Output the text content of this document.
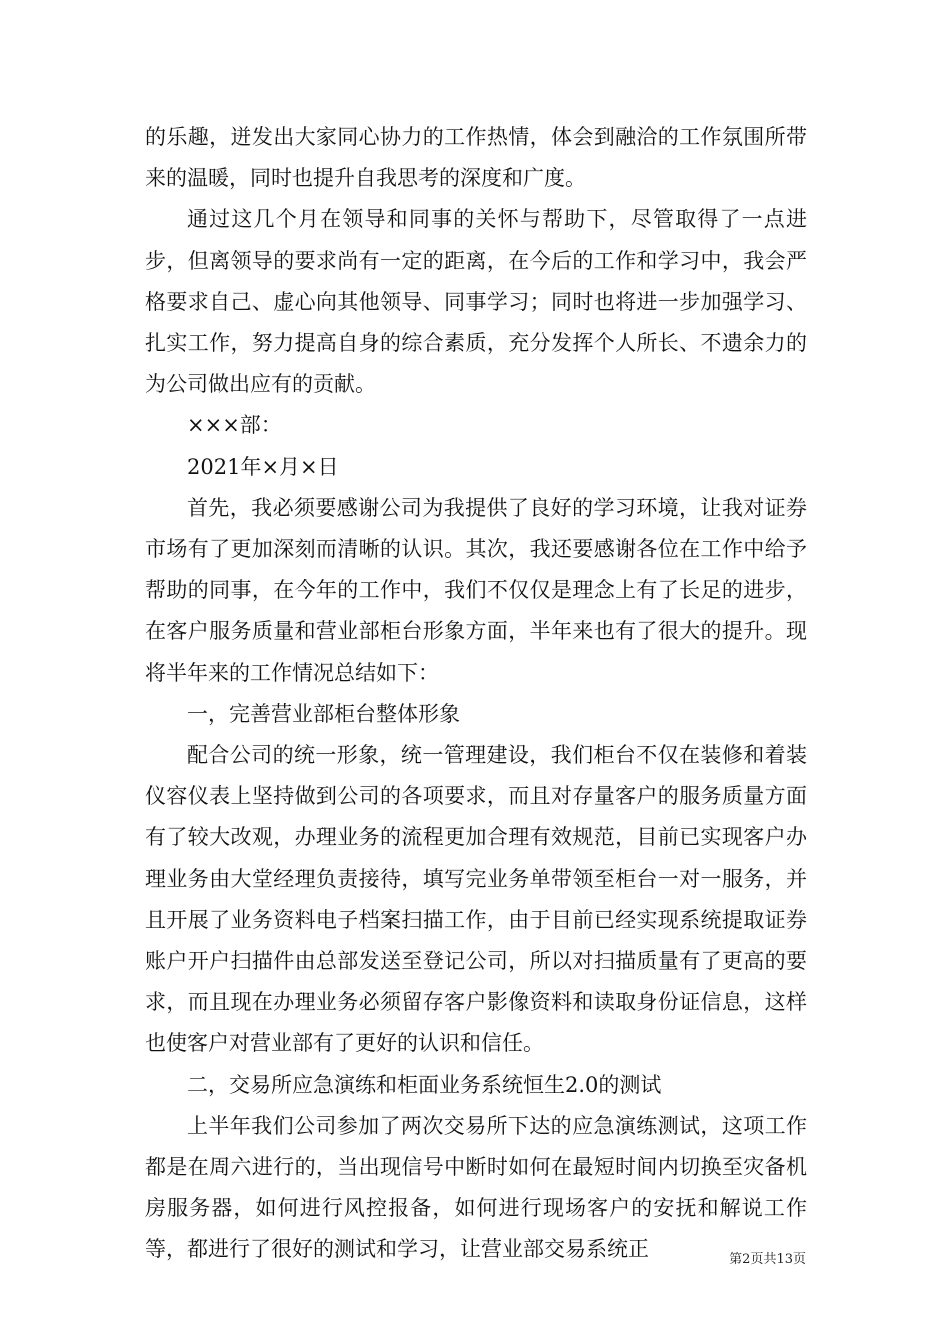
的乐趣，迸发出大家同心协力的工作热情，体会到融洽的工作氛围所带来的温暖，同时也提升自我思考的深度和广度。

通过这几个月在领导和同事的关怀与帮助下，尽管取得了一点进步，但离领导的要求尚有一定的距离，在今后的工作和学习中，我会严格要求自己、虚心向其他领导、同事学习；同时也将进一步加强学习、扎实工作，努力提高自身的综合素质，充分发挥个人所长、不遗余力的为公司做出应有的贡献。

×××部：

2021年×月×日

首先，我必须要感谢公司为我提供了良好的学习环境，让我对证券市场有了更加深刻而清晰的认识。其次，我还要感谢各位在工作中给予帮助的同事，在今年的工作中，我们不仅仅是理念上有了长足的进步，在客户服务质量和营业部柜台形象方面，半年来也有了很大的提升。现将半年来的工作情况总结如下：

一，完善营业部柜台整体形象

配合公司的统一形象，统一管理建设，我们柜台不仅在装修和着装仪容仪表上坚持做到公司的各项要求，而且对存量客户的服务质量方面有了较大改观，办理业务的流程更加合理有效规范，目前已实现客户办理业务由大堂经理负责接待，填写完业务单带领至柜台一对一服务，并且开展了业务资料电子档案扫描工作，由于目前已经实现系统提取证券账户开户扫描件由总部发送至登记公司，所以对扫描质量有了更高的要求，而且现在办理业务必须留存客户影像资料和读取身份证信息，这样也使客户对营业部有了更好的认识和信任。

二，交易所应急演练和柜面业务系统恒生2.0的测试

上半年我们公司参加了两次交易所下达的应急演练测试，这项工作都是在周六进行的，当出现信号中断时如何在最短时间内切换至灾备机房服务器，如何进行风控报备，如何进行现场客户的安抚和解说工作等，都进行了很好的测试和学习，让营业部交易系统正	第2页共13页
